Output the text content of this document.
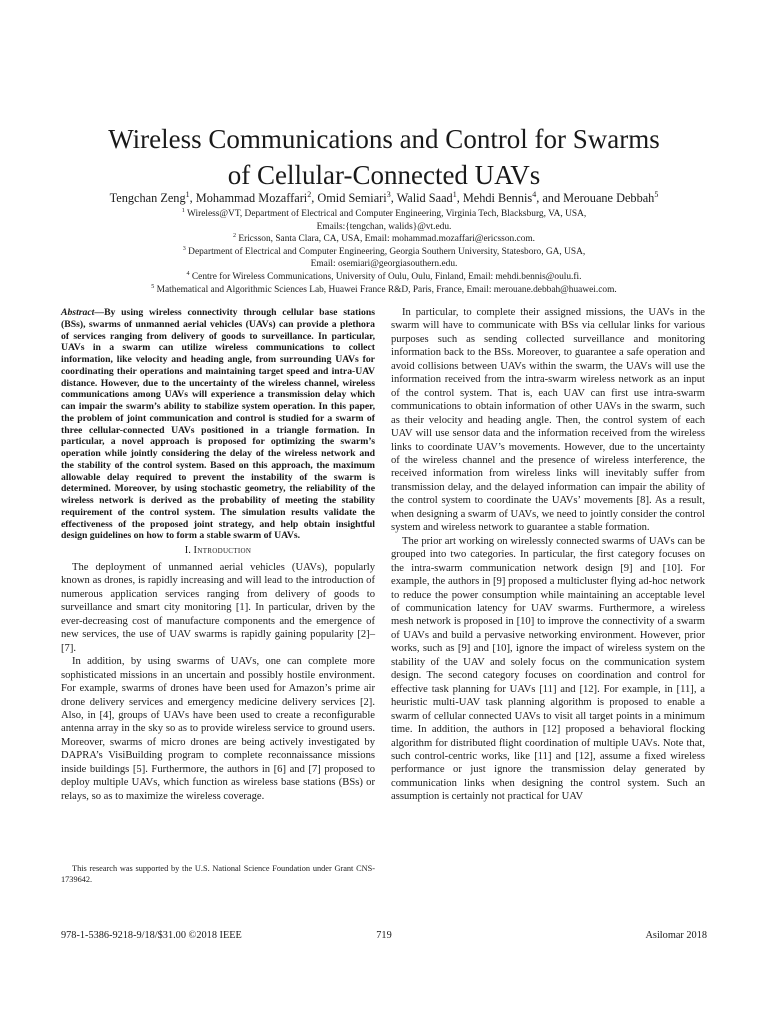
Wireless Communications and Control for Swarms
of Cellular-Connected UAVs

Tengchan Zeng$^1$, Mohammad Mozaffari$^2$, Omid Semiari$^3$, Walid Saad$^1$, Mehdi Bennis$^4$, and Merouane Debbah$^5$

$^1$ Wireless@VT, Department of Electrical and Computer Engineering, Virginia Tech, Blacksburg, VA, USA,

Emails:{tengchan, walids}@vt.edu.

$^2$ Ericsson, Santa Clara, CA, USA, Email: mohammad.mozaffari@ericsson.com.

$^3$ Department of Electrical and Computer Engineering, Georgia Southern University, Statesboro, GA, USA,

Email: osemiari@georgiasouthern.edu.

$^4$ Centre for Wireless Communications, University of Oulu, Oulu, Finland, Email: mehdi.bennis@oulu.fi.

$^5$ Mathematical and Algorithmic Sciences Lab, Huawei France R&D, Paris, France, Email: merouane.debbah@huawei.com.

Abstract—By using wireless connectivity through cellular base stations (BSs), swarms of unmanned aerial vehicles (UAVs) can provide a plethora of services ranging from delivery of goods to surveillance. In particular, UAVs in a swarm can utilize wireless communications to collect information, like velocity and heading angle, from surrounding UAVs for coordinating their operations and maintaining target speed and intra-UAV distance. However, due to the uncertainty of the wireless channel, wireless communications among UAVs will experience a transmission delay which can impair the swarm’s ability to stabilize system operation. In this paper, the problem of joint communication and control is studied for a swarm of three cellular-connected UAVs positioned in a triangle formation. In particular, a novel approach is proposed for optimizing the swarm’s operation while jointly considering the delay of the wireless network and the stability of the control system. Based on this approach, the maximum allowable delay required to prevent the instability of the swarm is determined. Moreover, by using stochastic geometry, the reliability of the wireless network is derived as the probability of meeting the stability requirement of the control system. The simulation results validate the effectiveness of the proposed joint strategy, and help obtain insightful design guidelines on how to form a stable swarm of UAVs.

I. Introduction

The deployment of unmanned aerial vehicles (UAVs), popularly known as drones, is rapidly increasing and will lead to the introduction of numerous application services ranging from delivery of goods to surveillance and smart city monitoring [1]. In particular, driven by the ever-decreasing cost of manufacture components and the emergence of new services, the use of UAV swarms is rapidly gaining popularity [2]–[7].

In addition, by using swarms of UAVs, one can complete more sophisticated missions in an uncertain and possibly hostile environment. For example, swarms of drones have been used for Amazon’s prime air drone delivery services and emergency medicine delivery services [2]. Also, in [4], groups of UAVs have been used to create a reconfigurable antenna array in the sky so as to provide wireless service to ground users. Moreover, swarms of micro drones are being actively investigated by DAPRA’s VisiBuilding program to complete reconnaissance missions inside buildings [5]. Furthermore, the authors in [6] and [7] proposed to deploy multiple UAVs, which function as wireless base stations (BSs) or relays, so as to maximize the wireless coverage.

This research was supported by the U.S. National Science Foundation under Grant CNS-1739642.

In particular, to complete their assigned missions, the UAVs in the swarm will have to communicate with BSs via cellular links for various purposes such as sending collected surveillance and monitoring information back to the BSs. Moreover, to guarantee a safe operation and avoid collisions between UAVs within the swarm, the UAVs will use the information received from the intra-swarm wireless network as an input of the control system. That is, each UAV can first use intra-swarm communications to obtain information of other UAVs in the swarm, such as their velocity and heading angle. Then, the control system of each UAV will use sensor data and the information received from the wireless links to coordinate UAV’s movements. However, due to the uncertainty of the wireless channel and the presence of wireless interference, the received information from wireless links will inevitably suffer from transmission delay, and the delayed information can impair the ability of the control system to coordinate the UAVs’ movements [8]. As a result, when designing a swarm of UAVs, we need to jointly consider the control system and wireless network to guarantee a stable formation.

The prior art working on wirelessly connected swarms of UAVs can be grouped into two categories. In particular, the first category focuses on the intra-swarm communication network design [9] and [10]. For example, the authors in [9] proposed a multicluster flying ad-hoc network to reduce the power consumption while maintaining an acceptable level of communication latency for UAV swarms. Furthermore, a wireless mesh network is proposed in [10] to improve the connectivity of a swarm of UAVs and build a pervasive networking environment. However, prior works, such as [9] and [10], ignore the impact of wireless system on the stability of the UAV and solely focus on the communication system design. The second category focuses on coordination and control for effective task planning for UAVs [11] and [12]. For example, in [11], a heuristic multi-UAV task planning algorithm is proposed to enable a swarm of cellular connected UAVs to visit all target points in a minimum time. In addition, the authors in [12] proposed a behavioral flocking algorithm for distributed flight coordination of multiple UAVs. Note that, such control-centric works, like [11] and [12], assume a fixed wireless performance or just ignore the transmission delay generated by communication links when designing the control system. Such an assumption is certainly not practical for UAV

978-1-5386-9218-9/18/$31.00 ©2018 IEEE	719	Asilomar 2018
